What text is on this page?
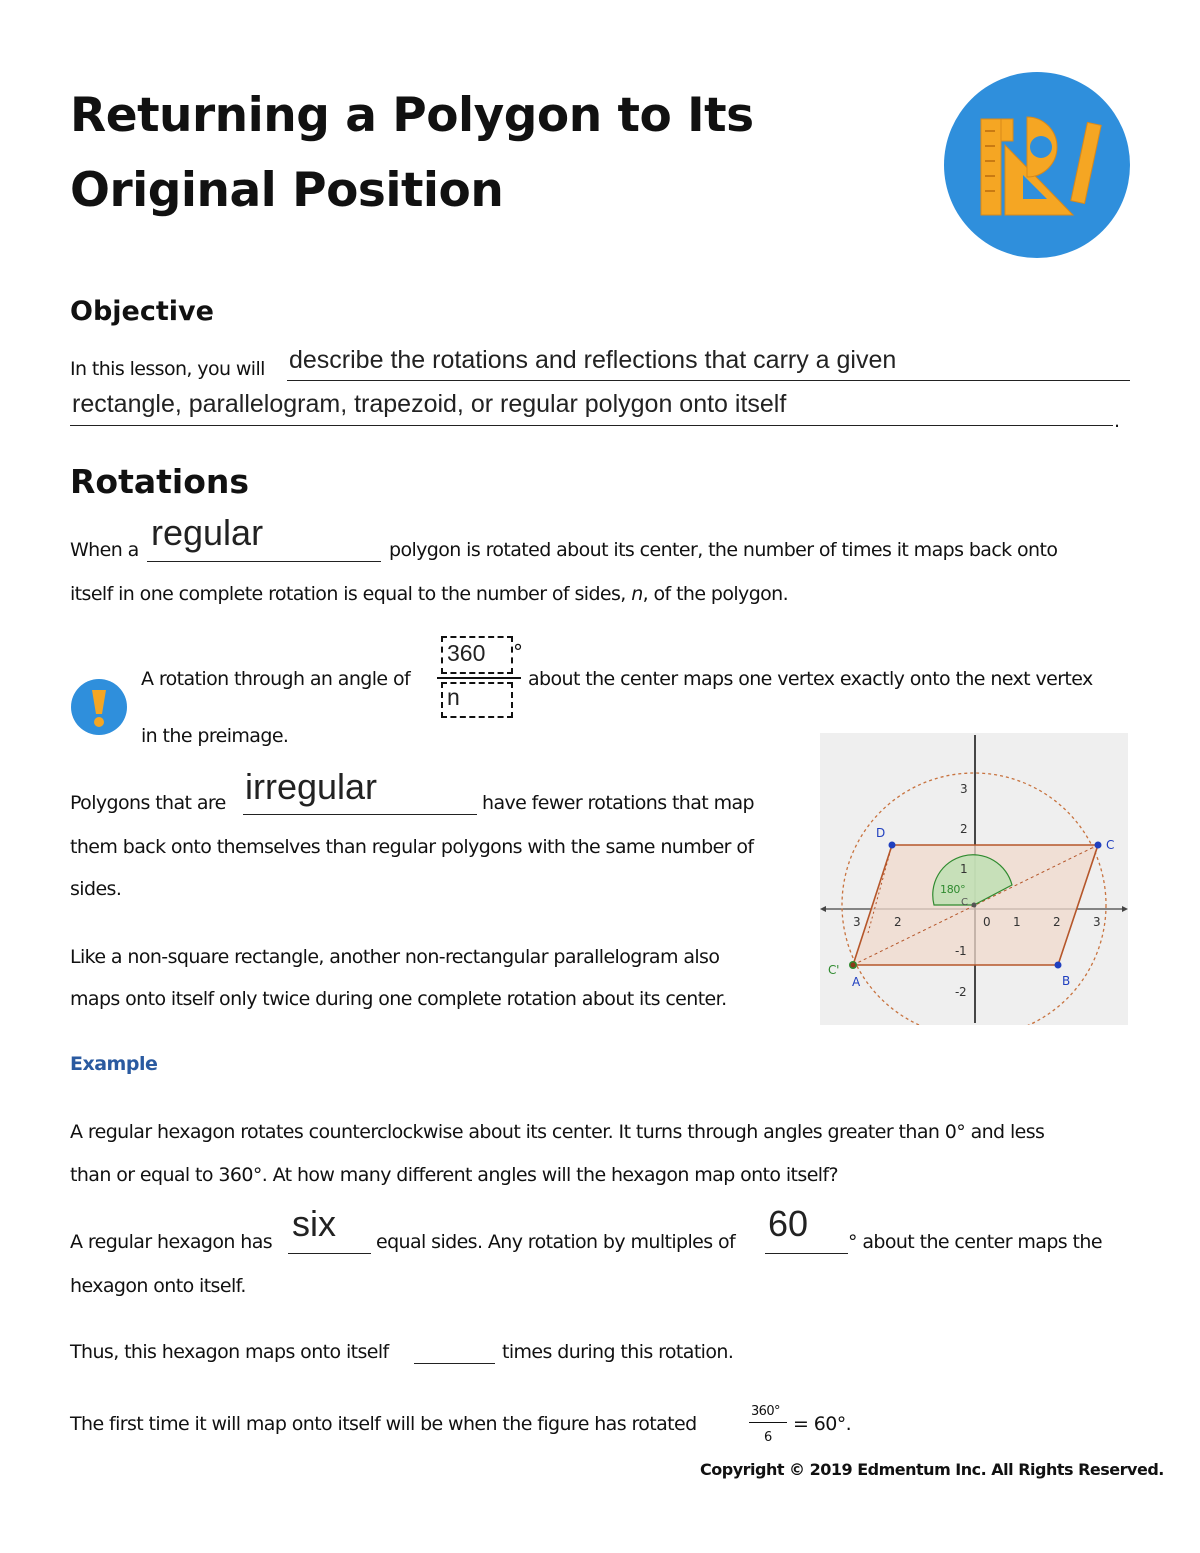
Returning a Polygon to Its Original Position
Objective
In this lesson, you will describe the rotations and reflections that carry a given
rectangle, parallelogram, trapezoid, or regular polygon onto itself
.
Rotations
When a regular	polygon is rotated about its center, the number of times it maps back onto
itself in one complete rotation is equal to the number of sides, n, of the polygon.
A rotation through an angle of
360
n
°
about the center maps one vertex exactly onto the next vertex
in the preimage.
Polygons that are irregular	have fewer rotations that map
them back onto themselves than regular polygons with the same number of
sides.
Like a non-square rectangle, another non-rectangular parallelogram also
maps onto itself only twice during one complete rotation about its center.
D
C
B
A
C'
C
180°
3	2	0 1	2	3
3
2
1
-1
-2
Example
A regular hexagon rotates counterclockwise about its center. It turns through angles greater than 0° and less
than or equal to 360°. At how many different angles will the hexagon map onto itself?
A regular hexagon has six equal sides. Any rotation by multiples of 60 ° about the center maps the
hexagon onto itself.
Thus, this hexagon maps onto itself	times during this rotation.
The first time it will map onto itself will be when the figure has rotated
360°
6
= 60°.
Copyright © 2019 Edmentum Inc. All Rights Reserved.
